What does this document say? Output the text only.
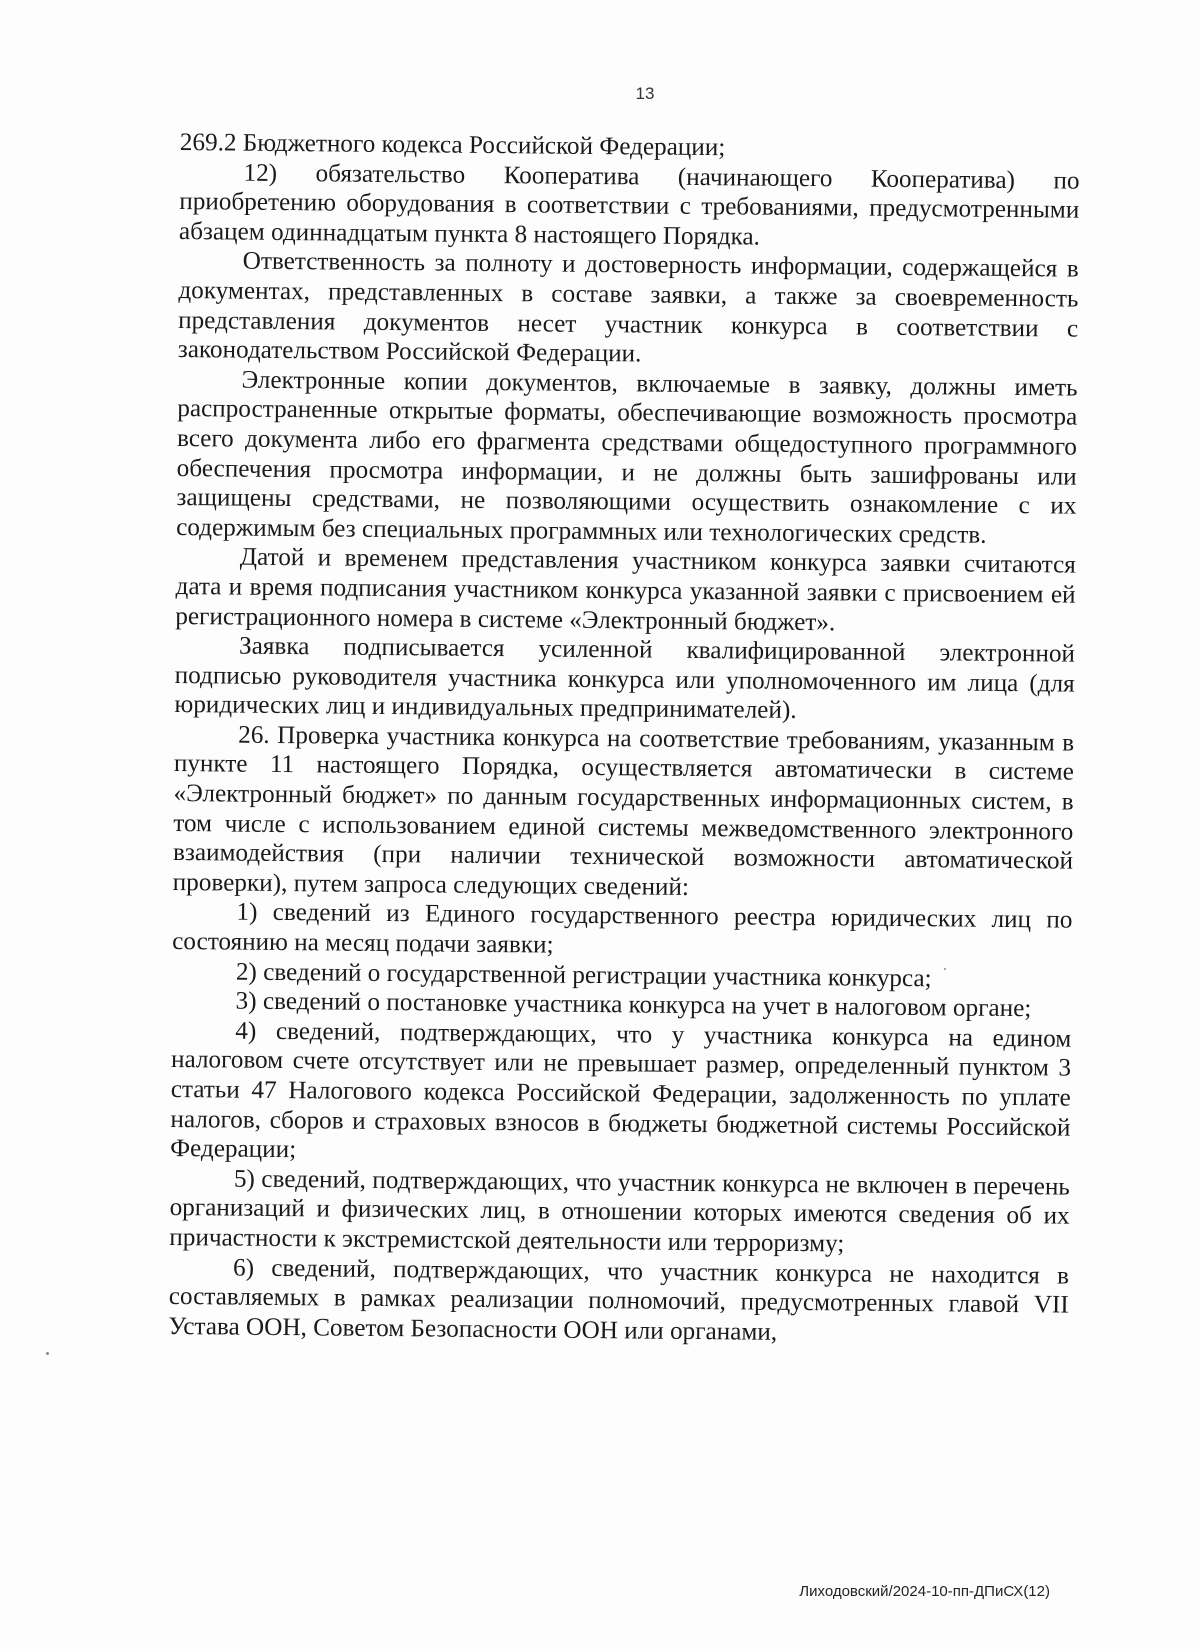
13

269.2 Бюджетного кодекса Российской Федерации;

12) обязательство Кооператива (начинающего Кооператива) по приобретению оборудования в соответствии с требованиями, предусмотренными абзацем одиннадцатым пункта 8 настоящего Порядка.

Ответственность за полноту и достоверность информации, содержащейся в документах, представленных в составе заявки, а также за своевременность представления документов несет участник конкурса в соответствии с законодательством Российской Федерации.

Электронные копии документов, включаемые в заявку, должны иметь распространенные открытые форматы, обеспечивающие возможность просмотра всего документа либо его фрагмента средствами общедоступного программного обеспечения просмотра информации, и не должны быть зашифрованы или защищены средствами, не позволяющими осуществить ознакомление с их содержимым без специальных программных или технологических средств.

Датой и временем представления участником конкурса заявки считаются дата и время подписания участником конкурса указанной заявки с присвоением ей регистрационного номера в системе «Электронный бюджет».

Заявка подписывается усиленной квалифицированной электронной подписью руководителя участника конкурса или уполномоченного им лица (для юридических лиц и индивидуальных предпринимателей).

26. Проверка участника конкурса на соответствие требованиям, указанным в пункте 11 настоящего Порядка, осуществляется автоматически в системе «Электронный бюджет» по данным государственных информационных систем, в том числе с использованием единой системы межведомственного электронного взаимодействия (при наличии технической возможности автоматической проверки), путем запроса следующих сведений:

1) сведений из Единого государственного реестра юридических лиц по состоянию на месяц подачи заявки;

2) сведений о государственной регистрации участника конкурса;

3) сведений о постановке участника конкурса на учет в налоговом органе;

4) сведений, подтверждающих, что у участника конкурса на едином налоговом счете отсутствует или не превышает размер, определенный пунктом 3 статьи 47 Налогового кодекса Российской Федерации, задолженность по уплате налогов, сборов и страховых взносов в бюджеты бюджетной системы Российской Федерации;

5) сведений, подтверждающих, что участник конкурса не включен в перечень организаций и физических лиц, в отношении которых имеются сведения об их причастности к экстремистской деятельности или терроризму;

6) сведений, подтверждающих, что участник конкурса не находится в составляемых в рамках реализации полномочий, предусмотренных главой VII Устава ООН, Советом Безопасности ООН или органами,

Лиходовский/2024-10-пп-ДПиСХ(12)
